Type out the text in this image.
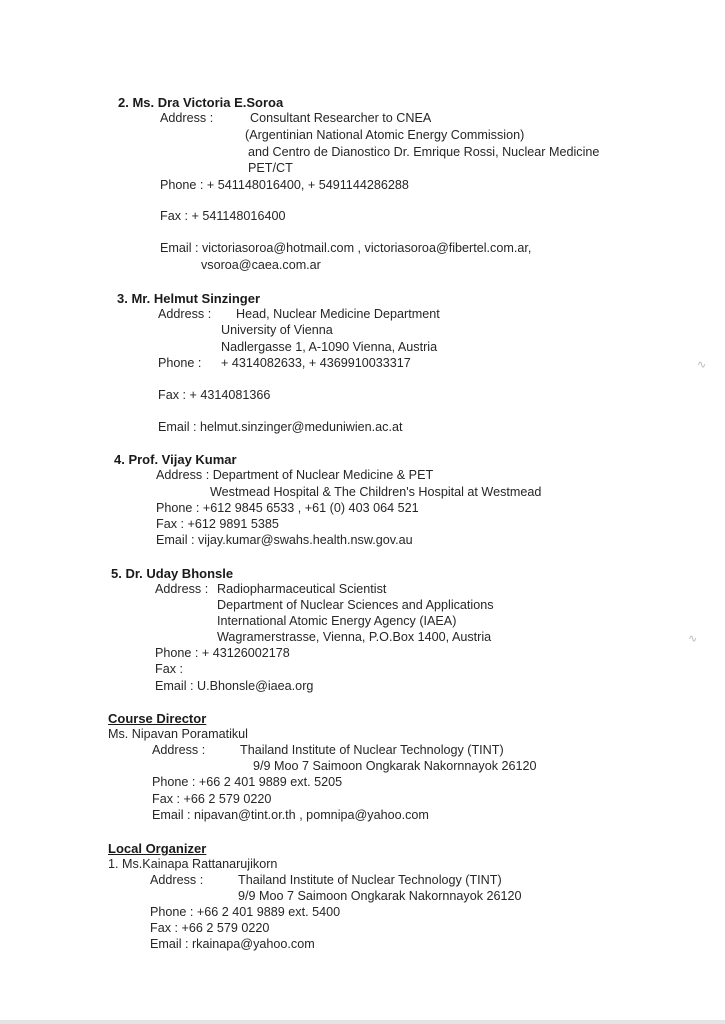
2. Ms. Dra Victoria E.Soroa
Address :	Consultant Researcher to CNEA
(Argentinian National Atomic Energy Commission)
and Centro de Dianostico Dr. Emrique Rossi, Nuclear Medicine
PET/CT
Phone : + 541148016400, + 5491144286288
Fax : + 541148016400
Email : victoriasoroa@hotmail.com , victoriasoroa@fibertel.com.ar,
vsoroa@caea.com.ar
3. Mr. Helmut Sinzinger
Address : Head, Nuclear Medicine Department
University of Vienna
Nadlergasse 1, A-1090 Vienna, Austria
Phone : + 4314082633, + 4369910033317
Fax : + 4314081366
Email : helmut.sinzinger@meduniwien.ac.at
4. Prof. Vijay Kumar
Address : Department of Nuclear Medicine & PET
Westmead Hospital & The Children's Hospital at Westmead
Phone : +612 9845 6533 , +61 (0) 403 064 521
Fax : +612 9891 5385
Email : vijay.kumar@swahs.health.nsw.gov.au
5. Dr. Uday Bhonsle
Address : Radiopharmaceutical Scientist
Department of Nuclear Sciences and Applications
International Atomic Energy Agency (IAEA)
Wagramerstrasse, Vienna, P.O.Box 1400, Austria
Phone : + 43126002178
Fax :
Email : U.Bhonsle@iaea.org
Course Director
Ms. Nipavan Poramatikul
Address :	Thailand Institute of Nuclear Technology (TINT)
9/9 Moo 7 Saimoon Ongkarak Nakornnayok 26120
Phone : +66 2 401 9889 ext. 5205
Fax : +66 2 579 0220
Email : nipavan@tint.or.th , pomnipa@yahoo.com
Local Organizer
1. Ms.Kainapa Rattanarujikorn
Address :	Thailand Institute of Nuclear Technology (TINT)
9/9 Moo 7 Saimoon Ongkarak Nakornnayok 26120
Phone : +66 2 401 9889 ext. 5400
Fax : +66 2 579 0220
Email : rkainapa@yahoo.com
∿
∿
